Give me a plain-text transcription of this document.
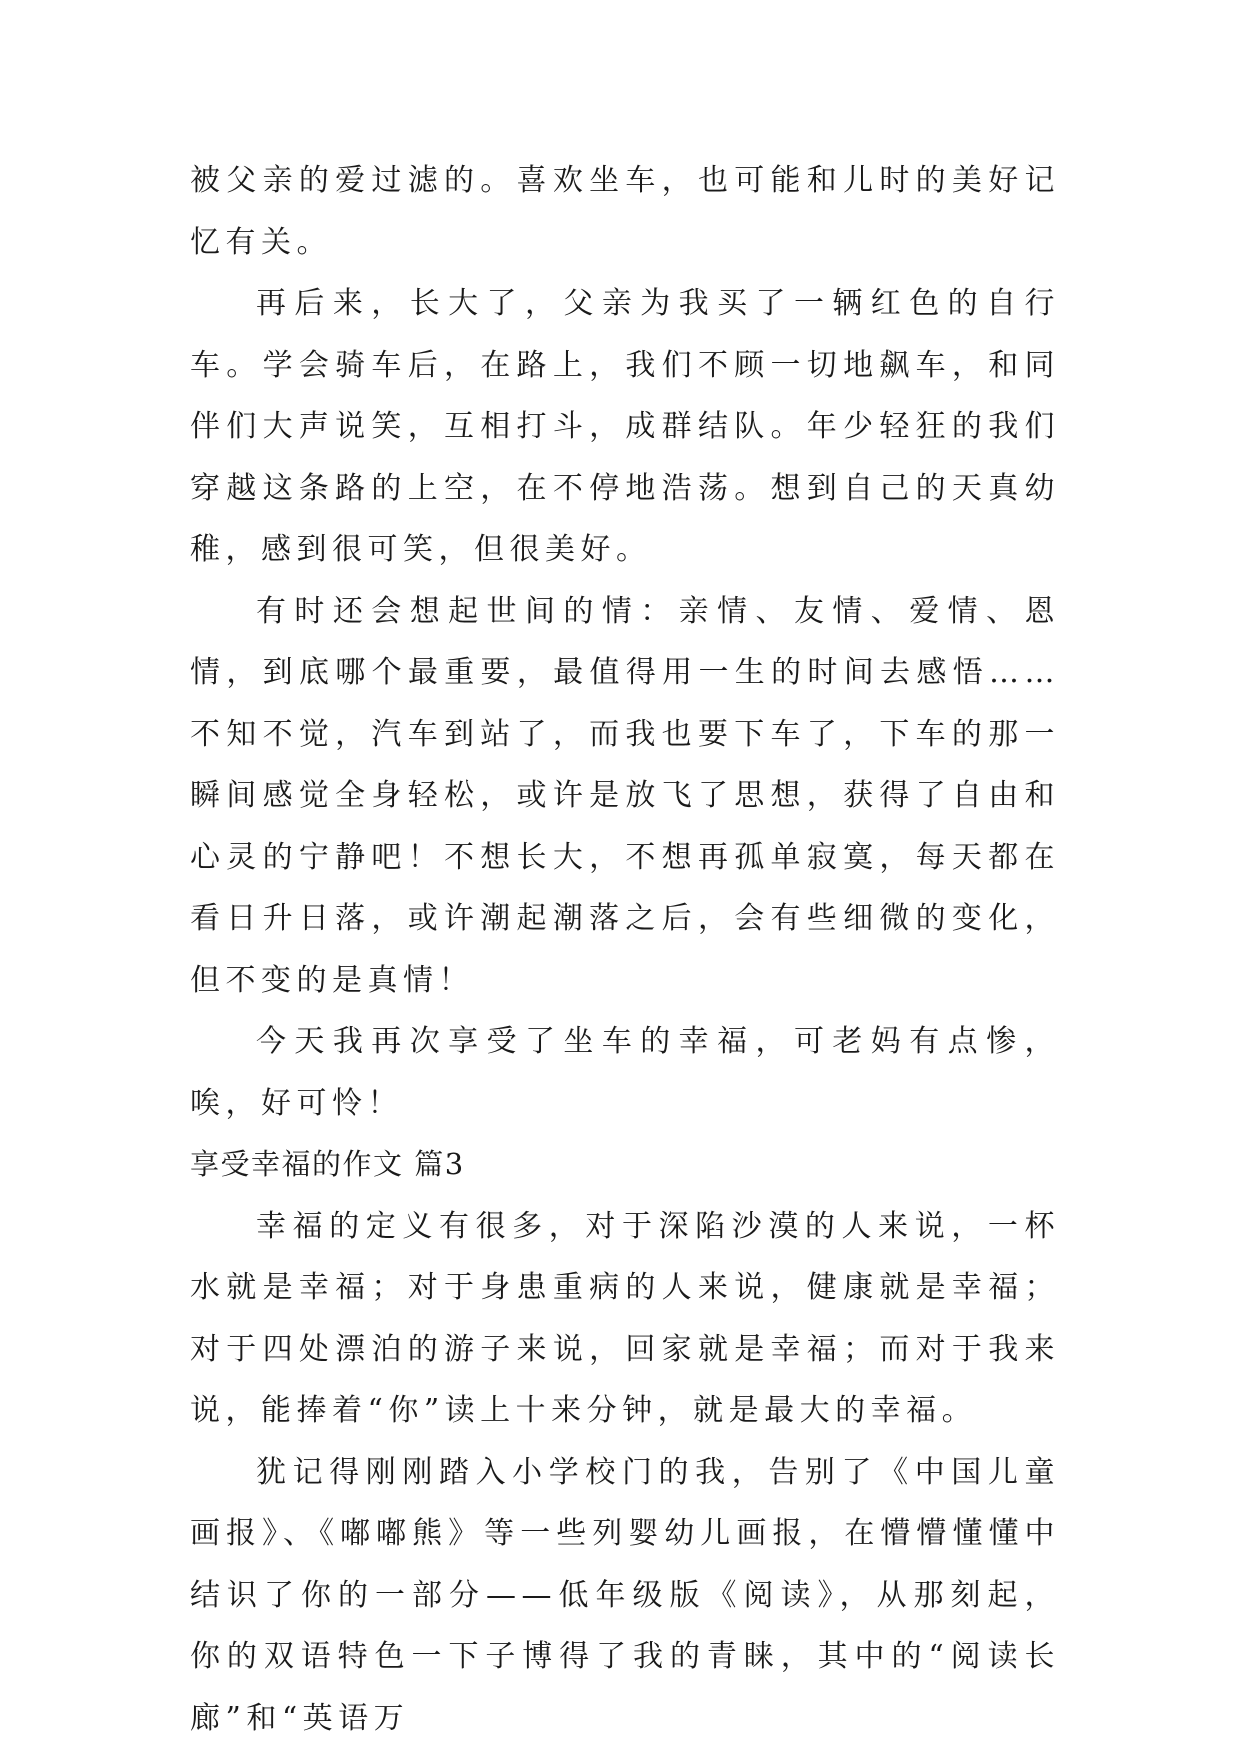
被父亲的爱过滤的。喜欢坐车，也可能和儿时的美好记忆有关。

再后来，长大了，父亲为我买了一辆红色的自行车。学会骑车后，在路上，我们不顾一切地飙车，和同伴们大声说笑，互相打斗，成群结队。年少轻狂的我们穿越这条路的上空，在不停地浩荡。想到自己的天真幼稚，感到很可笑，但很美好。

有时还会想起世间的情：亲情、友情、爱情、恩情，到底哪个最重要，最值得用一生的时间去感悟……不知不觉，汽车到站了，而我也要下车了，下车的那一瞬间感觉全身轻松，或许是放飞了思想，获得了自由和心灵的宁静吧！不想长大，不想再孤单寂寞，每天都在看日升日落，或许潮起潮落之后，会有些细微的变化，但不变的是真情！

今天我再次享受了坐车的幸福，可老妈有点惨，唉，好可怜！

享受幸福的作文 篇3

幸福的定义有很多，对于深陷沙漠的人来说，一杯水就是幸福；对于身患重病的人来说，健康就是幸福；对于四处漂泊的游子来说，回家就是幸福；而对于我来说，能捧着“你”读上十来分钟，就是最大的幸福。

犹记得刚刚踏入小学校门的我，告别了《中国儿童画报》、《嘟嘟熊》等一些列婴幼儿画报，在懵懵懂懂中结识了你的一部分——低年级版《阅读》，从那刻起，你的双语特色一下子博得了我的青睐，其中的“阅读长廊”和“英语万
